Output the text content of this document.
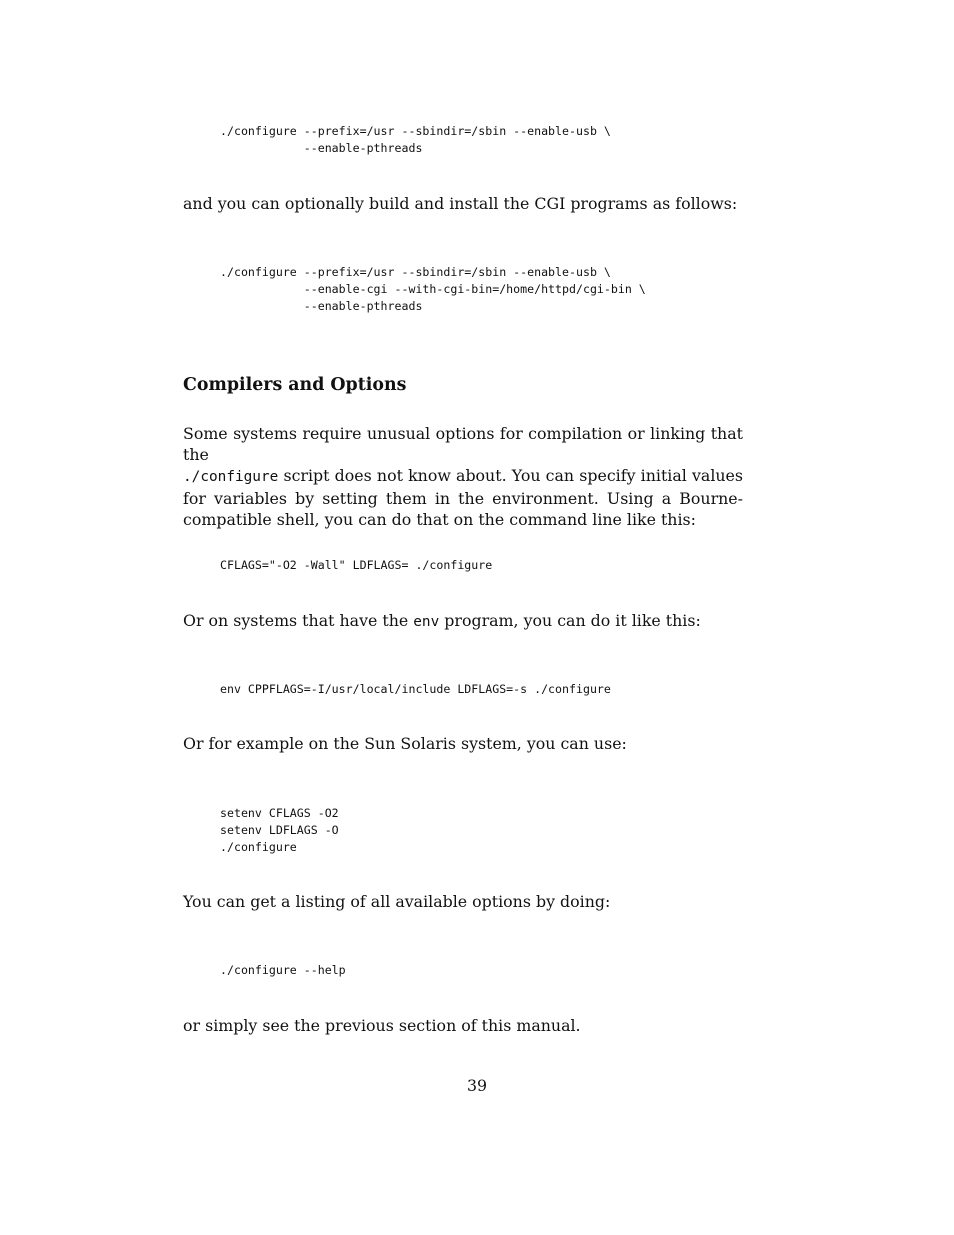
./configure --prefix=/usr --sbindir=/sbin --enable-usb \
--enable-pthreads

and you can optionally build and install the CGI programs as follows:

./configure --prefix=/usr --sbindir=/sbin --enable-usb \
--enable-cgi --with-cgi-bin=/home/httpd/cgi-bin \
--enable-pthreads
Compilers and Options

Some systems require unusual options for compilation or linking that the
./configure script does not know about. You can specify initial values for variables by setting them in the environment. Using a Bourne-compatible shell, you can do that on the command line like this:

CFLAGS="-O2 -Wall" LDFLAGS= ./configure

Or on systems that have the env program, you can do it like this:

env CPPFLAGS=-I/usr/local/include LDFLAGS=-s ./configure

Or for example on the Sun Solaris system, you can use:

setenv CFLAGS -O2
setenv LDFLAGS -O
./configure

You can get a listing of all available options by doing:

./configure --help

or simply see the previous section of this manual.

39
